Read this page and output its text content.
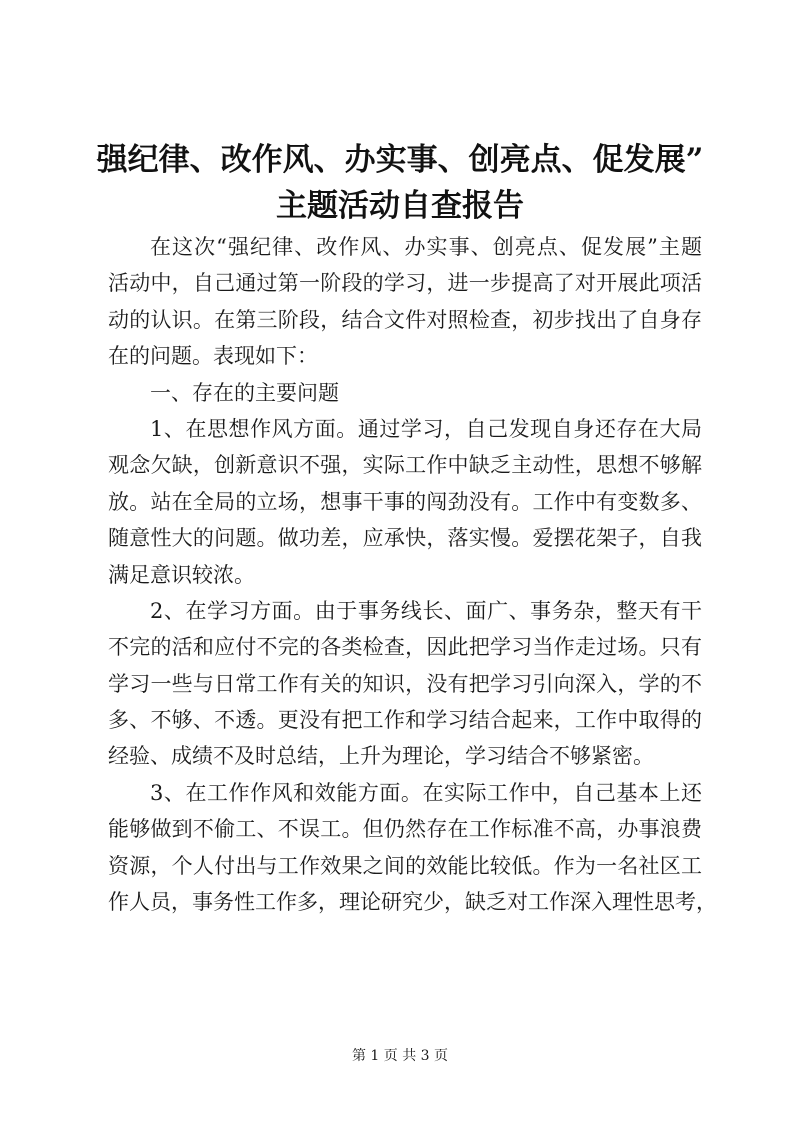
强纪律、改作风、办实事、创亮点、促发展”
主题活动自查报告
在这次“强纪律、改作风、办实事、创亮点、促发展”主题
活动中，自己通过第一阶段的学习，进一步提高了对开展此项活
动的认识。在第三阶段，结合文件对照检查，初步找出了自身存
在的问题。表现如下：
一、存在的主要问题
1、在思想作风方面。通过学习，自己发现自身还存在大局
观念欠缺，创新意识不强，实际工作中缺乏主动性，思想不够解
放。站在全局的立场，想事干事的闯劲没有。工作中有变数多、
随意性大的问题。做功差，应承快，落实慢。爱摆花架子，自我
满足意识较浓。
2、在学习方面。由于事务线长、面广、事务杂，整天有干
不完的活和应付不完的各类检查，因此把学习当作走过场。只有
学习一些与日常工作有关的知识，没有把学习引向深入，学的不
多、不够、不透。更没有把工作和学习结合起来，工作中取得的
经验、成绩不及时总结，上升为理论，学习结合不够紧密。
3、在工作作风和效能方面。在实际工作中，自己基本上还
能够做到不偷工、不误工。但仍然存在工作标准不高，办事浪费
资源，个人付出与工作效果之间的效能比较低。作为一名社区工
作人员，事务性工作多，理论研究少，缺乏对工作深入理性思考，
第 1 页 共 3 页
